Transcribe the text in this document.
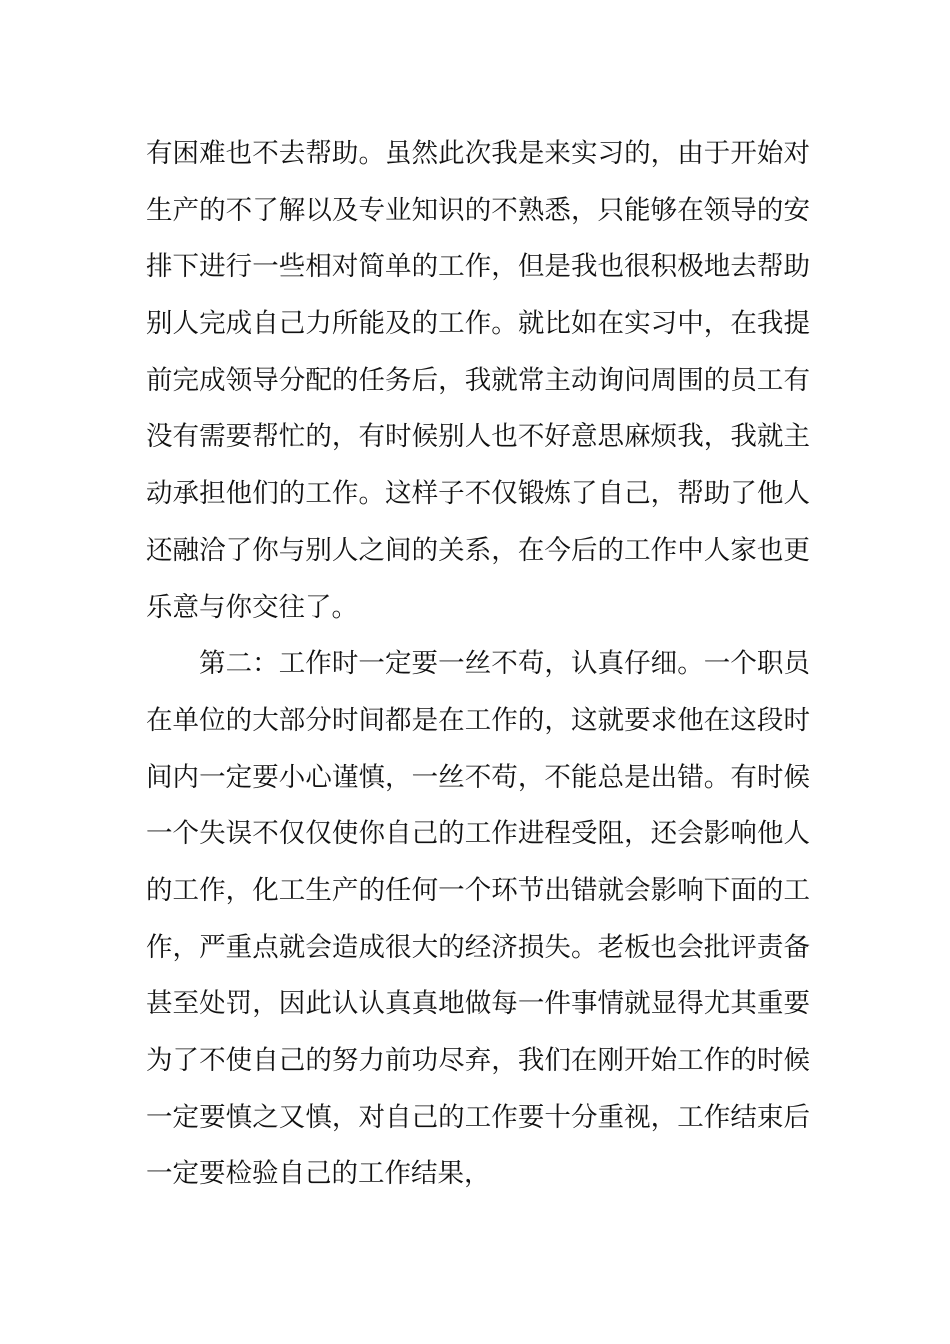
有困难也不去帮助。虽然此次我是来实习的，由于开始对
生产的不了解以及专业知识的不熟悉，只能够在领导的安
排下进行一些相对简单的工作，但是我也很积极地去帮助
别人完成自己力所能及的工作。就比如在实习中，在我提
前完成领导分配的任务后，我就常主动询问周围的员工有
没有需要帮忙的，有时候别人也不好意思麻烦我，我就主
动承担他们的工作。这样子不仅锻炼了自己，帮助了他人
还融洽了你与别人之间的关系，在今后的工作中人家也更
乐意与你交往了。
第二：工作时一定要一丝不苟，认真仔细。一个职员
在单位的大部分时间都是在工作的，这就要求他在这段时
间内一定要小心谨慎，一丝不苟，不能总是出错。有时候
一个失误不仅仅使你自己的工作进程受阻，还会影响他人
的工作，化工生产的任何一个环节出错就会影响下面的工
作，严重点就会造成很大的经济损失。老板也会批评责备
甚至处罚，因此认认真真地做每一件事情就显得尤其重要
为了不使自己的努力前功尽弃，我们在刚开始工作的时候
一定要慎之又慎，对自己的工作要十分重视，工作结束后
一定要检验自己的工作结果，
